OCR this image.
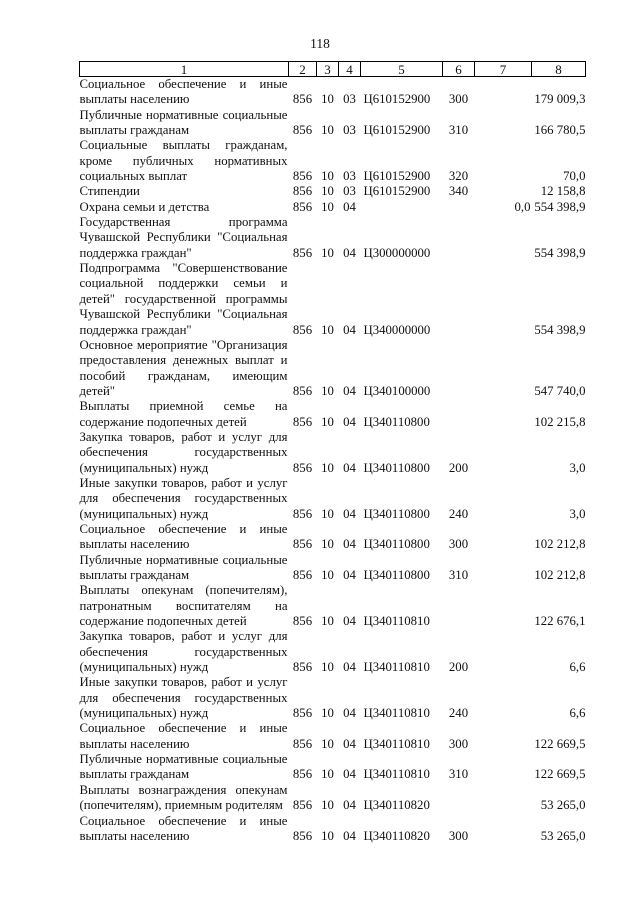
118
1	2	3	4	5	6	7	8
Социальное обеспечение и иные выплаты населению	856	10	03	Ц610152900	300		179 009,3
Публичные нормативные социальные выплаты гражданам	856	10	03	Ц610152900	310		166 780,5
Социальные выплаты гражданам, кроме публичных нормативных социальных выплат	856	10	03	Ц610152900	320		70,0
Стипендии	856	10	03	Ц610152900	340		12 158,8
Охрана семьи и детства	856	10	04			0,0	554 398,9
Государственная программа Чувашской Республики "Социальная поддержка граждан"	856	10	04	Ц300000000			554 398,9
Подпрограмма "Совершенствование социальной поддержки семьи и детей" государственной программы Чувашской Республики "Социальная поддержка граждан"	856	10	04	Ц340000000			554 398,9
Основное мероприятие "Организация предоставления денежных выплат и пособий гражданам, имеющим детей"	856	10	04	Ц340100000			547 740,0
Выплаты приемной семье на содержание подопечных детей	856	10	04	Ц340110800			102 215,8
Закупка товаров, работ и услуг для обеспечения государственных (муниципальных) нужд	856	10	04	Ц340110800	200		3,0
Иные закупки товаров, работ и услуг для обеспечения государственных (муниципальных) нужд	856	10	04	Ц340110800	240		3,0
Социальное обеспечение и иные выплаты населению	856	10	04	Ц340110800	300		102 212,8
Публичные нормативные социальные выплаты гражданам	856	10	04	Ц340110800	310		102 212,8
Выплаты опекунам (попечителям), патронатным воспитателям на содержание подопечных детей	856	10	04	Ц340110810			122 676,1
Закупка товаров, работ и услуг для обеспечения государственных (муниципальных) нужд	856	10	04	Ц340110810	200		6,6
Иные закупки товаров, работ и услуг для обеспечения государственных (муниципальных) нужд	856	10	04	Ц340110810	240		6,6
Социальное обеспечение и иные выплаты населению	856	10	04	Ц340110810	300		122 669,5
Публичные нормативные социальные выплаты гражданам	856	10	04	Ц340110810	310		122 669,5
Выплаты вознаграждения опекунам (попечителям), приемным родителям	856	10	04	Ц340110820			53 265,0
Социальное обеспечение и иные выплаты населению	856	10	04	Ц340110820	300		53 265,0
